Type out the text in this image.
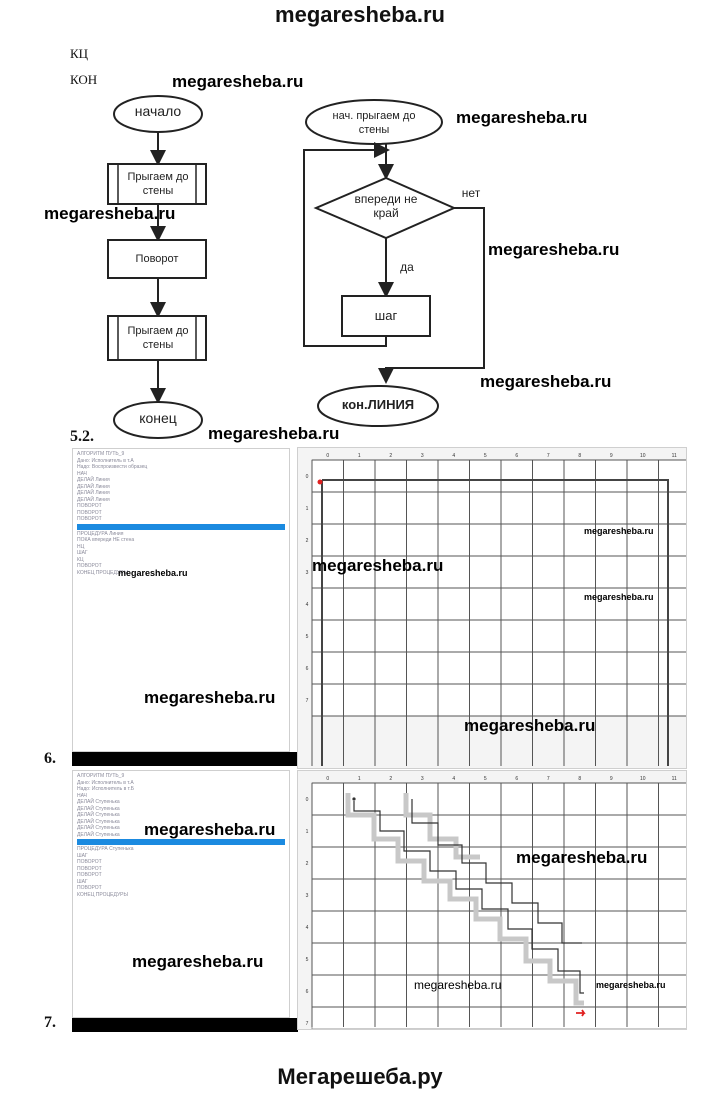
megaresheba.ru
КЦ
КОН
начало
Прыгаем до стены
Поворот
Прыгаем до стены
конец
нач. прыгаем до стены
впереди не край
нет
да
шаг
кон.ЛИНИЯ
5.2.
6.
7.
АЛГОРИТМ ПУТЬ_9
Дано: Исполнитель в т.А
Надо: Воспроизвести образец
НАЧ
ДЕЛАЙ Линия
ДЕЛАЙ Линия
ДЕЛАЙ Линия
ДЕЛАЙ Линия
ПОВОРОТ
ПОВОРОТ
ПОВОРОТ
ПРОЦЕДУРА Линия
ПОКА впереди НЕ стена
НЦ
ШАГ
КЦ
ПОВОРОТ
КОНЕЦ ПРОЦЕДУРЫ
0	1	2	3	4	5	6	7	8	9	10	11
0
1
2
3
4
5
6
7
АЛГОРИТМ ПУТЬ_9
Дано: Исполнитель в т.А
Надо: Исполнитель в т.Б
НАЧ
ДЕЛАЙ Ступенька
ДЕЛАЙ Ступенька
ДЕЛАЙ Ступенька
ДЕЛАЙ Ступенька
ДЕЛАЙ Ступенька
ДЕЛАЙ Ступенька
ПРОЦЕДУРА Ступенька
ШАГ
ПОВОРОТ
ПОВОРОТ
ПОВОРОТ
ШАГ
ПОВОРОТ
КОНЕЦ ПРОЦЕДУРЫ
0	1	2	3	4	5	6	7	8	9	10	11
0
1
2
3
4
5
6
7
megaresheba.ru
megaresheba.ru
megaresheba.ru
megaresheba.ru
megaresheba.ru
megaresheba.ru
megaresheba.ru
megaresheba.ru
megaresheba.ru
megaresheba.ru
megaresheba.ru
megaresheba.ru
megaresheba.ru
megaresheba.ru
megaresheba.ru
megaresheba.ru	megaresheba.ru
Мегарешеба.ру
